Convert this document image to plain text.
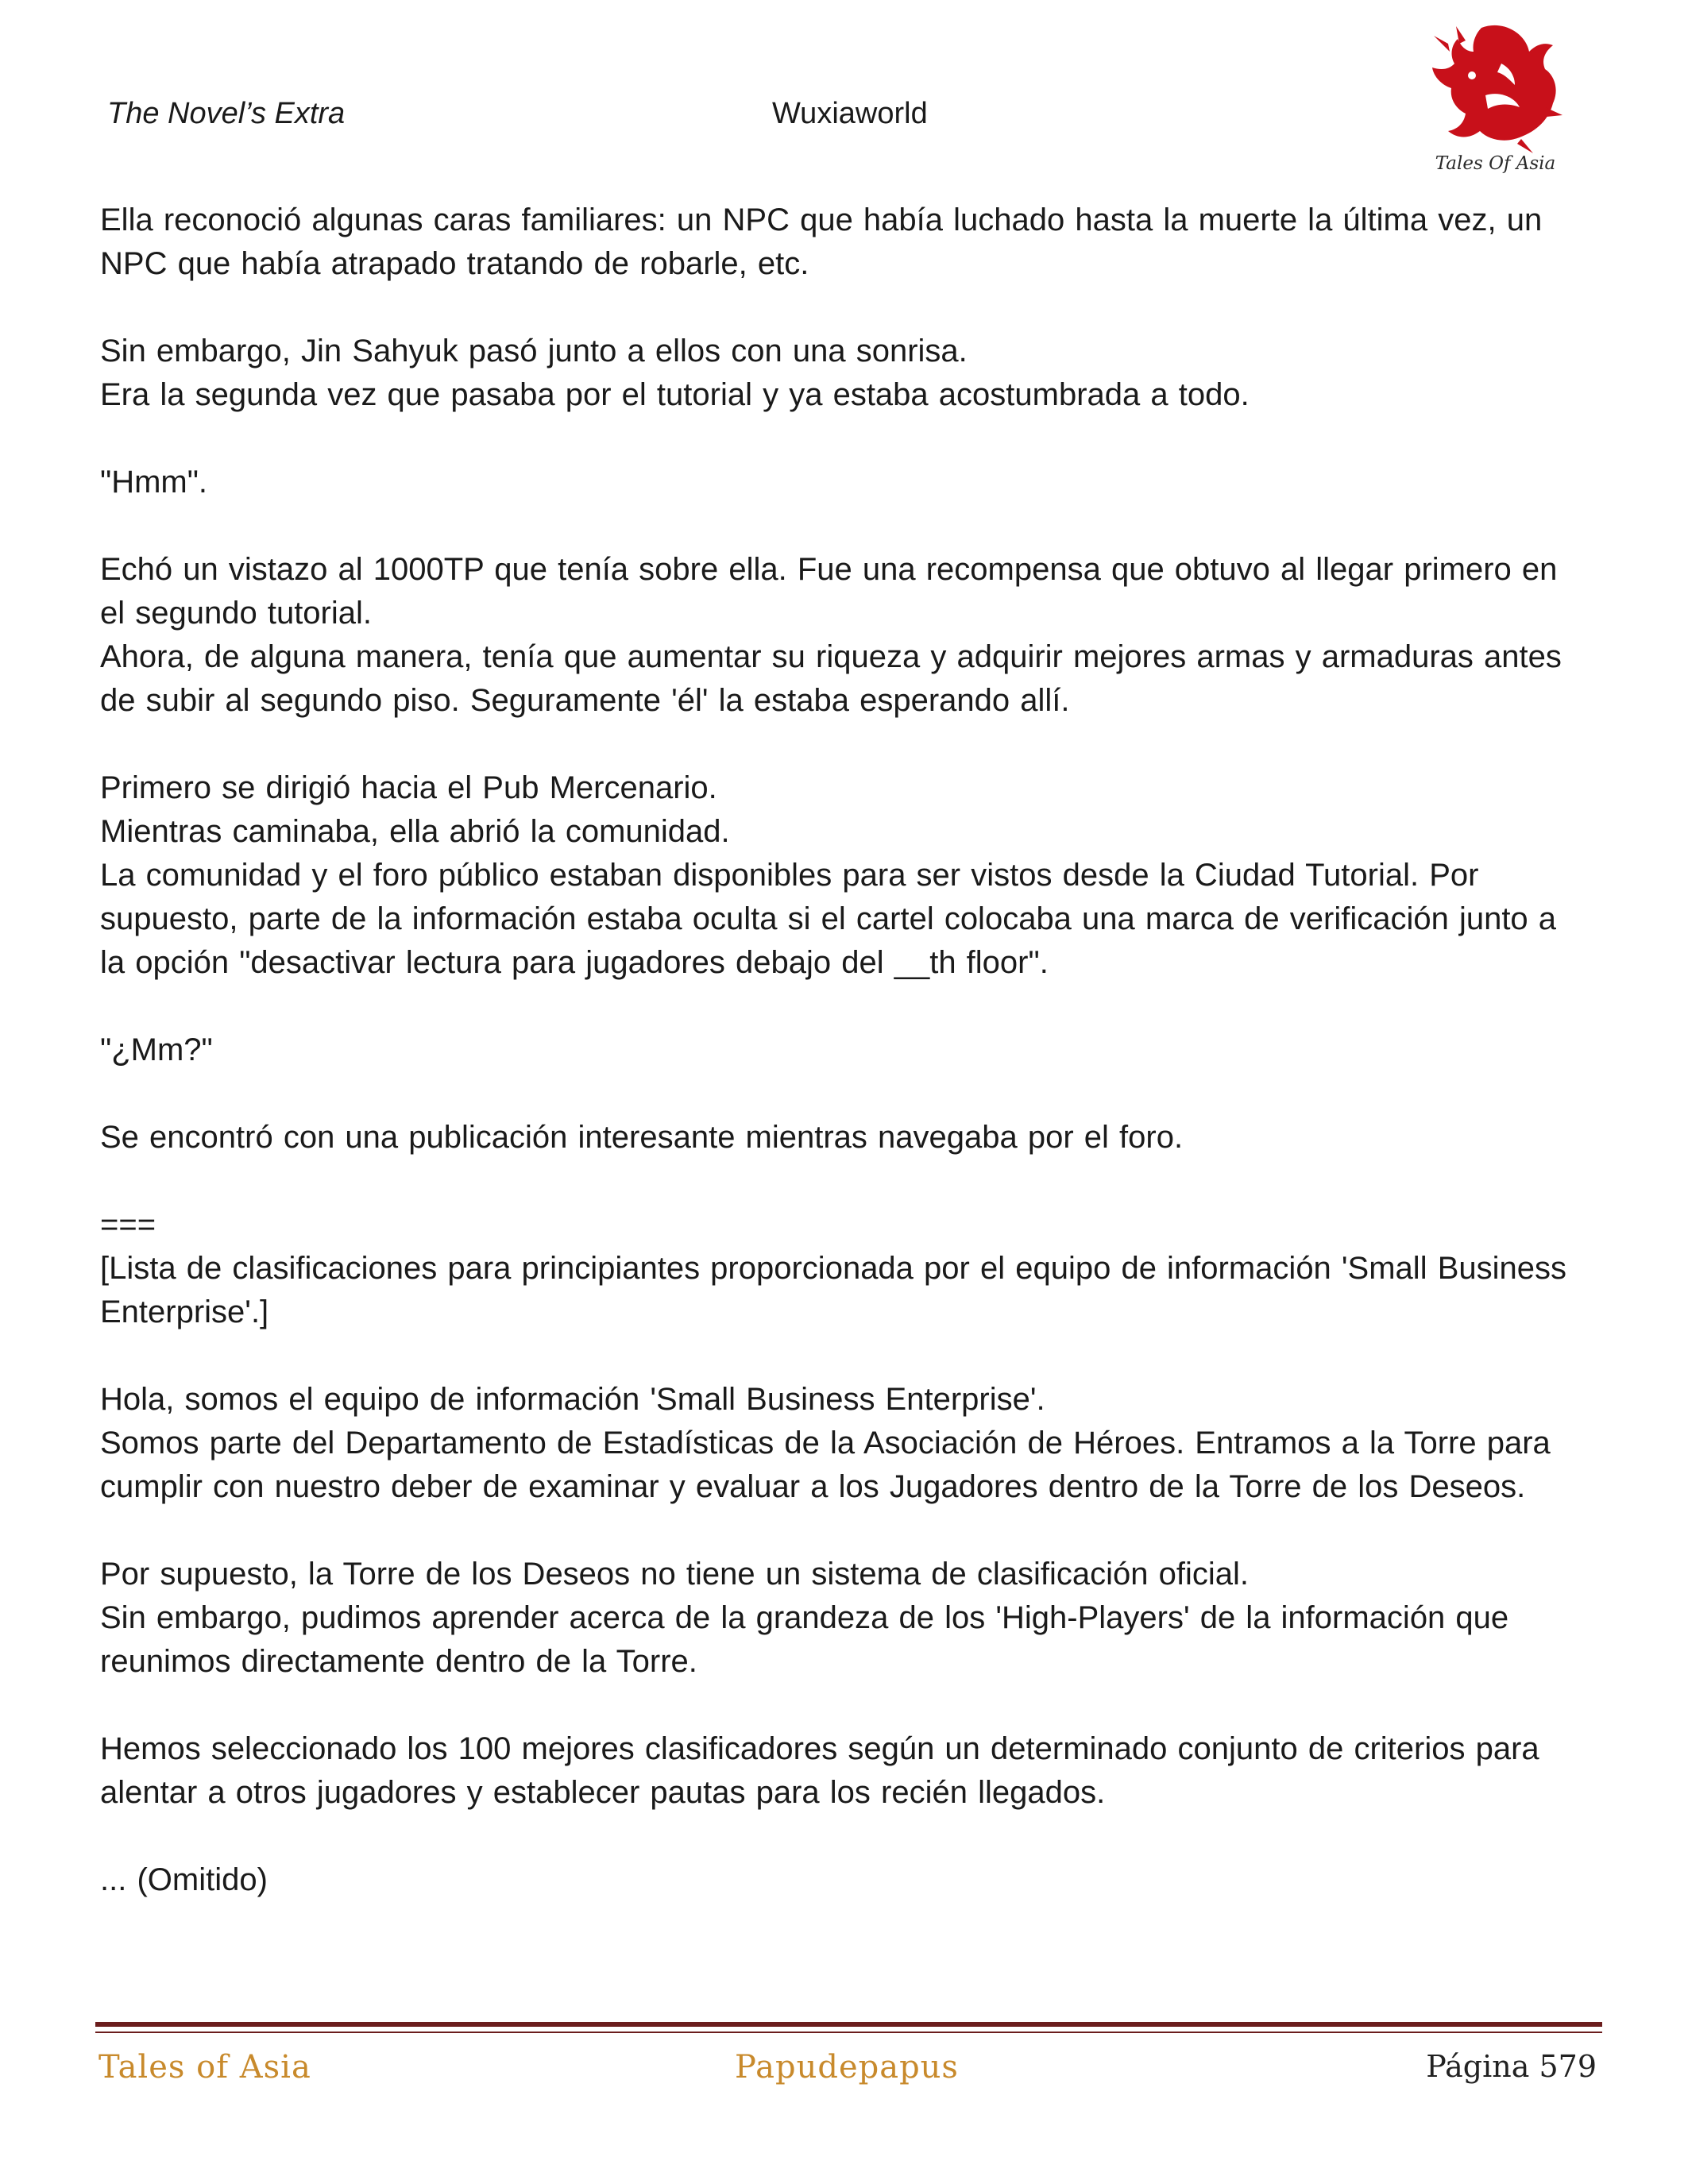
The Novel’s Extra	Wuxiaworld
Tales Of Asia

Ella reconoció algunas caras familiares: un NPC que había luchado hasta la muerte la última vez, un NPC que había atrapado tratando de robarle, etc.

Sin embargo, Jin Sahyuk pasó junto a ellos con una sonrisa.
Era la segunda vez que pasaba por el tutorial y ya estaba acostumbrada a todo.

"Hmm".

Echó un vistazo al 1000TP que tenía sobre ella. Fue una recompensa que obtuvo al llegar primero en el segundo tutorial.
Ahora, de alguna manera, tenía que aumentar su riqueza y adquirir mejores armas y armaduras antes de subir al segundo piso. Seguramente 'él' la estaba esperando allí.

Primero se dirigió hacia el Pub Mercenario.
Mientras caminaba, ella abrió la comunidad.
La comunidad y el foro público estaban disponibles para ser vistos desde la Ciudad Tutorial. Por supuesto, parte de la información estaba oculta si el cartel colocaba una marca de verificación junto a la opción "desactivar lectura para jugadores debajo del __th floor".

"¿Mm?"

Se encontró con una publicación interesante mientras navegaba por el foro.

===
[Lista de clasificaciones para principiantes proporcionada por el equipo de información 'Small Business Enterprise'.]

Hola, somos el equipo de información 'Small Business Enterprise'.
Somos parte del Departamento de Estadísticas de la Asociación de Héroes. Entramos a la Torre para cumplir con nuestro deber de examinar y evaluar a los Jugadores dentro de la Torre de los Deseos.

Por supuesto, la Torre de los Deseos no tiene un sistema de clasificación oficial.
Sin embargo, pudimos aprender acerca de la grandeza de los 'High-Players' de la información que reunimos directamente dentro de la Torre.

Hemos seleccionado los 100 mejores clasificadores según un determinado conjunto de criterios para alentar a otros jugadores y establecer pautas para los recién llegados.

... (Omitido)

Tales of Asia	Papudepapus	Página 579
